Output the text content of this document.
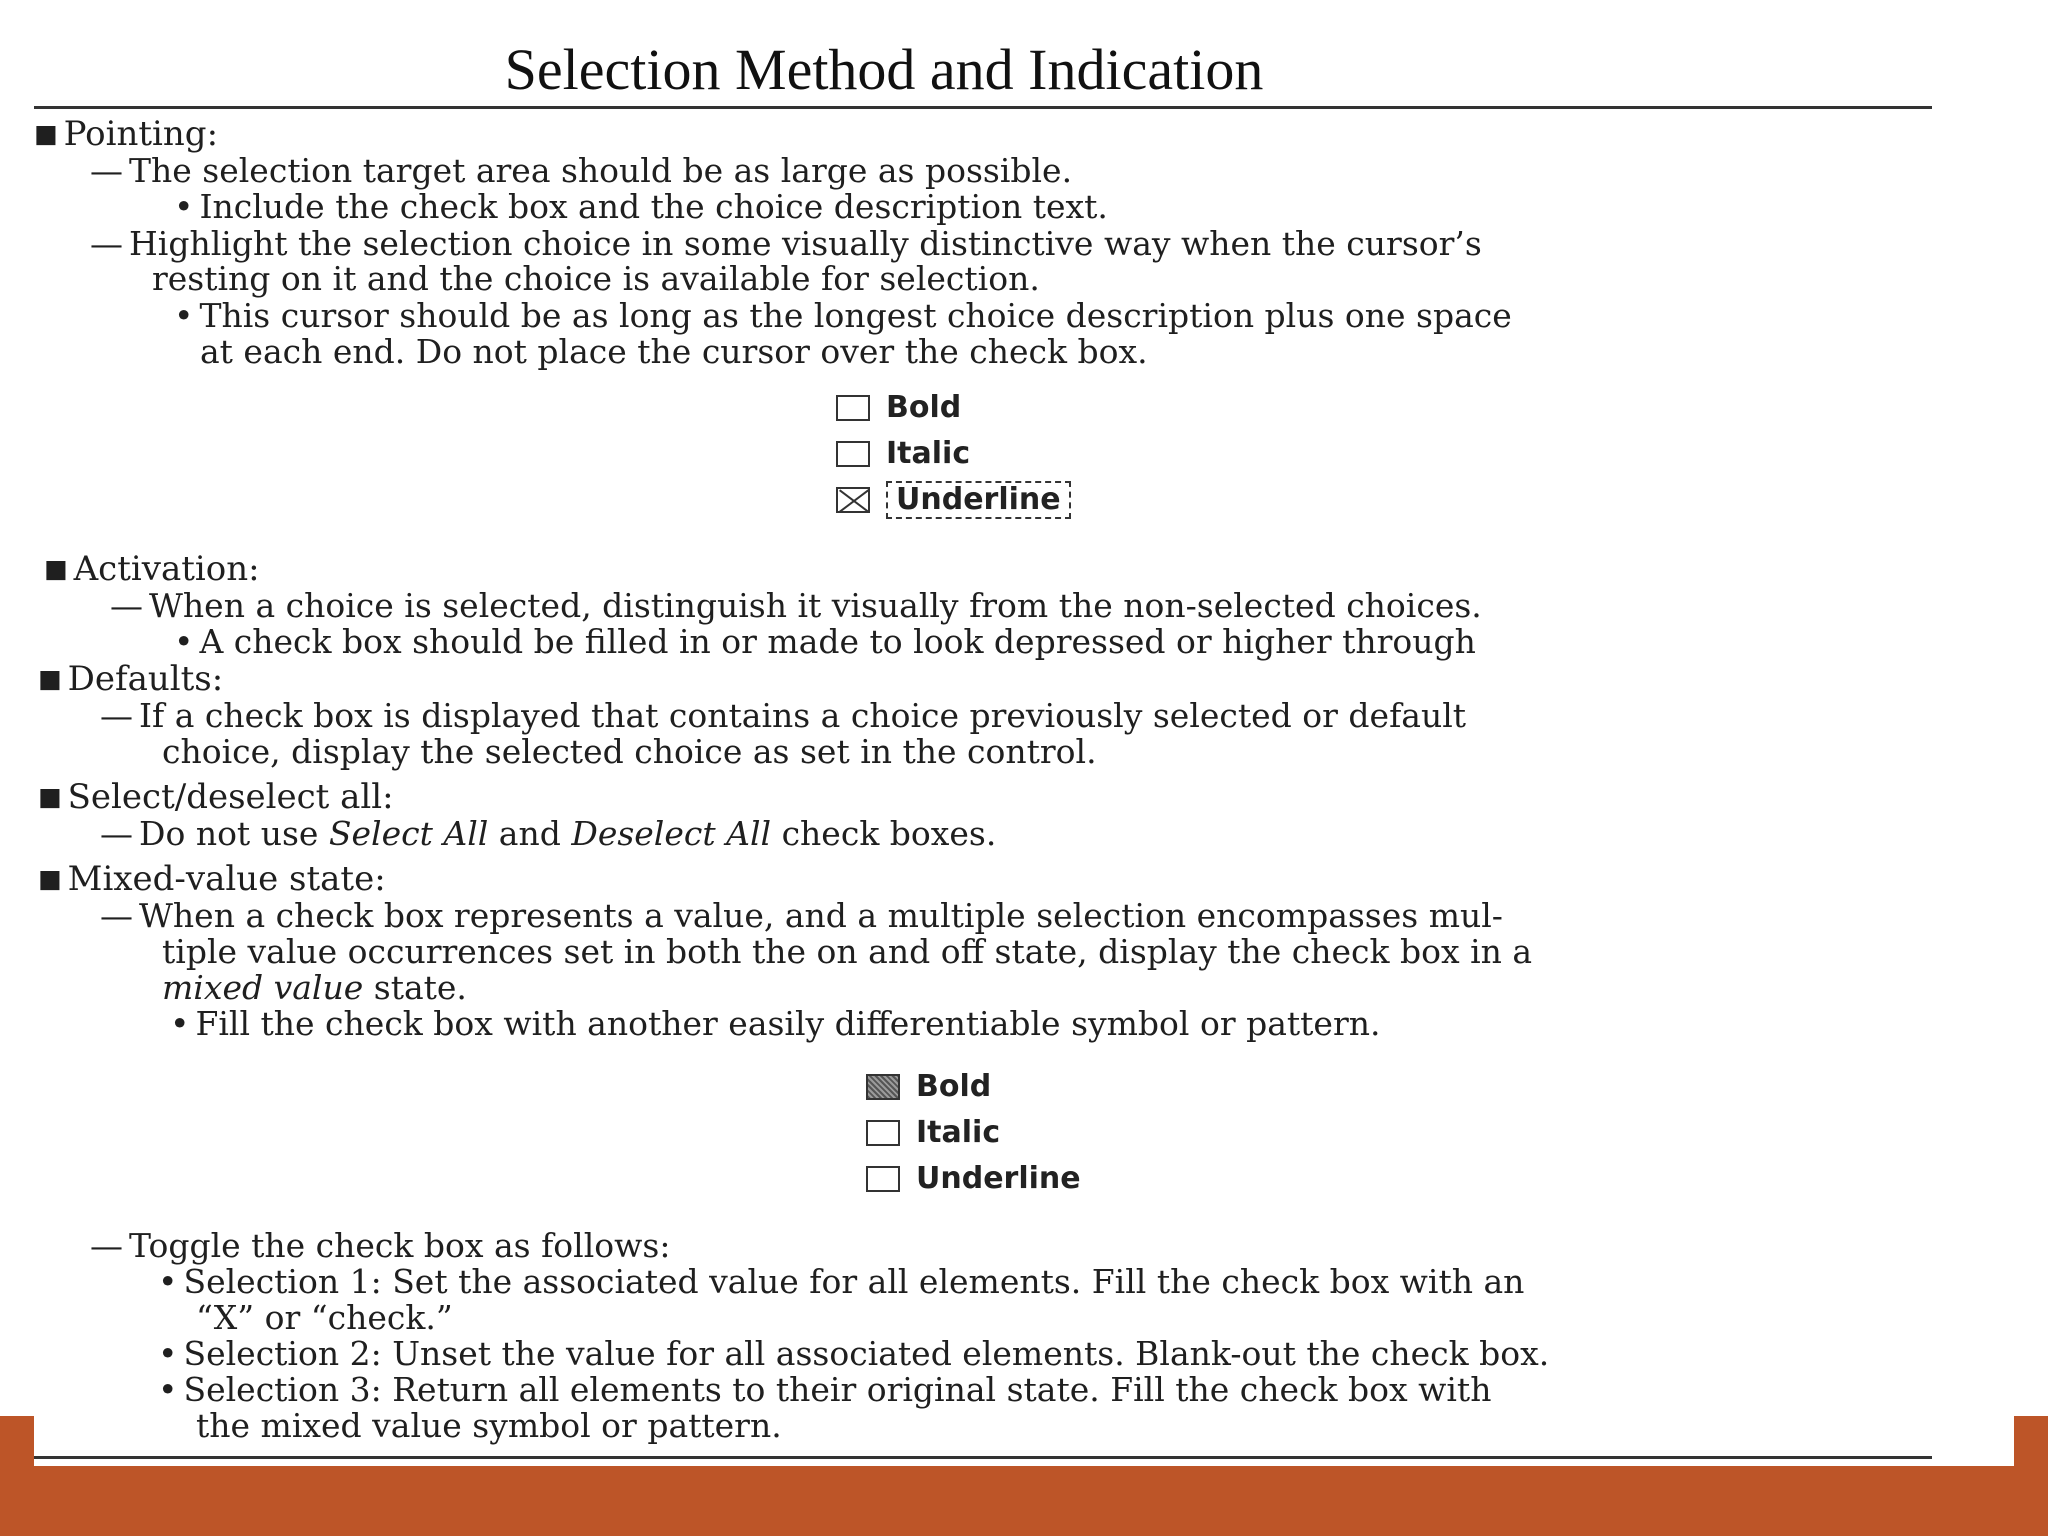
Selection Method and Indication
■ Pointing:
— The selection target area should be as large as possible.
• Include the check box and the choice description text.
— Highlight the selection choice in some visually distinctive way when the cursor’s
resting on it and the choice is available for selection.
• This cursor should be as long as the longest choice description plus one space
at each end. Do not place the cursor over the check box.
Bold
Italic
Underline
■ Activation:
— When a choice is selected, distinguish it visually from the non-selected choices.
• A check box should be filled in or made to look depressed or higher through
■ Defaults:
— If a check box is displayed that contains a choice previously selected or default
choice, display the selected choice as set in the control.
■ Select/deselect all:
— Do not use Select All and Deselect All check boxes.
■ Mixed-value state:
— When a check box represents a value, and a multiple selection encompasses mul-
tiple value occurrences set in both the on and off state, display the check box in a
mixed value state.
• Fill the check box with another easily differentiable symbol or pattern.
Bold
Italic
Underline
— Toggle the check box as follows:
• Selection 1: Set the associated value for all elements. Fill the check box with an
“X” or “check.”
• Selection 2: Unset the value for all associated elements. Blank-out the check box.
• Selection 3: Return all elements to their original state. Fill the check box with
the mixed value symbol or pattern.
